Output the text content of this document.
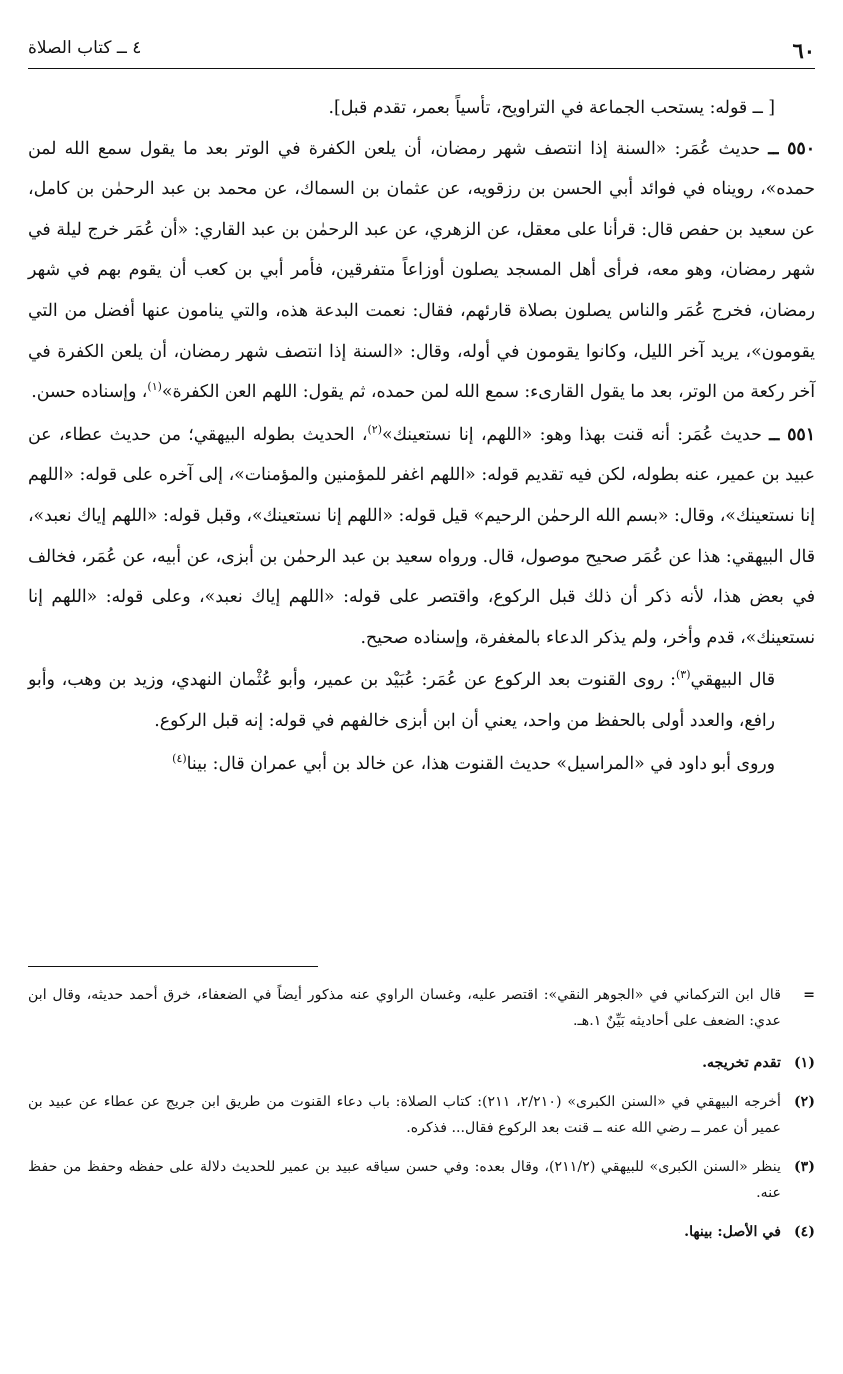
٦٠
٤ ــ كتاب الصلاة

[ ــ قوله: يستحب الجماعة في التراويح، تأسياً بعمر، تقدم قبل].

٥٥٠ ــ حديث عُمَر: «السنة إذا انتصف شهر رمضان، أن يلعن الكفرة في الوتر بعد ما يقول سمع الله لمن حمده»، رويناه في فوائد أبي الحسن بن رزقويه، عن عثمان بن السماك، عن محمد بن عبد الرحمٰن بن كامل، عن سعيد بن حفص قال: قرأنا على معقل، عن الزهري، عن عبد الرحمٰن بن عبد القاري: «أن عُمَر خرج ليلة في شهر رمضان، وهو معه، فرأى أهل المسجد يصلون أوزاعاً متفرقين، فأمر أبي بن كعب أن يقوم بهم في شهر رمضان، فخرج عُمَر والناس يصلون بصلاة قارئهم، فقال: نعمت البدعة هذه، والتي ينامون عنها أفضل من التي يقومون»، يريد آخر الليل، وكانوا يقومون في أوله، وقال: «السنة إذا انتصف شهر رمضان، أن يلعن الكفرة في آخر ركعة من الوتر، بعد ما يقول القارىء: سمع الله لمن حمده، ثم يقول: اللهم العن الكفرة»$^{(١)}$، وإسناده حسن.

٥٥١ ــ حديث عُمَر: أنه قنت بهذا وهو: «اللهم، إنا نستعينك»$^{(٢)}$، الحديث بطوله البيهقي؛ من حديث عطاء، عن عبيد بن عمير، عنه بطوله، لكن فيه تقديم قوله: «اللهم اغفر للمؤمنين والمؤمنات»، إلى آخره على قوله: «اللهم إنا نستعينك»، وقال: «بسم الله الرحمٰن الرحيم» قيل قوله: «اللهم إنا نستعينك»، وقبل قوله: «اللهم إياك نعبد»، قال البيهقي: هذا عن عُمَر صحيح موصول، قال. ورواه سعيد بن عبد الرحمٰن بن أبزى، عن أبيه، عن عُمَر، فخالف في بعض هذا، لأنه ذكر أن ذلك قبل الركوع، واقتصر على قوله: «اللهم إياك نعبد»، وعلى قوله: «اللهم إنا نستعينك»، قدم وأخر، ولم يذكر الدعاء بالمغفرة، وإسناده صحيح.

قال البيهقي$^{(٣)}$: روى القنوت بعد الركوع عن عُمَر: عُبَيْد بن عمير، وأبو عُثْمان النهدي، وزيد بن وهب، وأبو رافع، والعدد أولى بالحفظ من واحد، يعني أن ابن أبزى خالفهم في قوله: إنه قبل الركوع.

وروى أبو داود في «المراسيل» حديث القنوت هذا، عن خالد بن أبي عمران قال: بينا$^{(٤)}$

=
قال ابن التركماني في «الجوهر النقي»: اقتصر عليه، وغسان الراوي عنه مذكور أيضاً في الضعفاء، خرق أحمد حديثه، وقال ابن عدي: الضعف على أحاديثه بَيِّنٌ ١.هـ.

(١)
تقدم تخريجه.

(٢)
أخرجه البيهقي في «السنن الكبرى» (٢/٢١٠، ٢١١): كتاب الصلاة: باب دعاء القنوت من طريق ابن جريج عن عطاء عن عبيد بن عمير أن عمر ــ رضي الله عنه ــ قنت بعد الركوع فقال... فذكره.

(٣)
ينظر «السنن الكبرى» للبيهقي (٢١١/٢)، وقال بعده: وفي حسن سياقه عبيد بن عمير للحديث دلالة على حفظه وحفظ من حفظ عنه.

(٤)
في الأصل: بينها.
